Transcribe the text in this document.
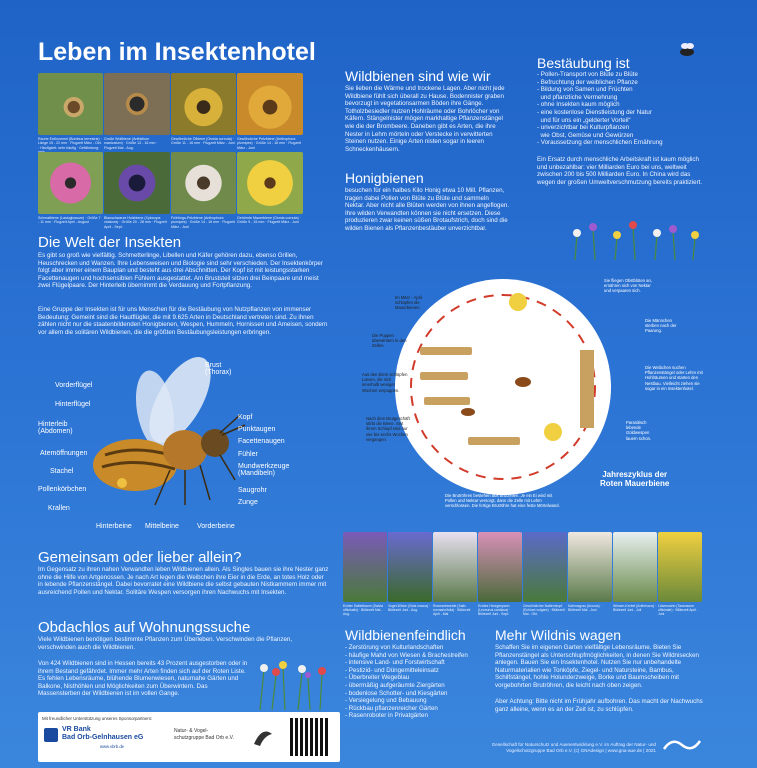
Leben im Insektenhotel
Rauhe Erdhummel (Bombus terrestris) · Länge 15 - 22 mm · Flugzeit März - Okt. · Häufigkeit: sehr häufig · Gefährdung:
Große Wollbiene (Anthidium manicatum) · Größe 13 - 16 mm · Flugzeit Mai - Aug.
Gewöhnliche Ölbiene (Osmia cornuta) · Größe 11 - 16 mm · Flugzeit März - Juni
Gewöhnliche Pelzbiene (Anthophora plumipes) · Größe 14 - 16 mm · Flugzeit März - Juni
Schmalbiene (Lasioglossum) · Größe 7 - 11 mm · Flugzeit April - August
Blauschwarze Holzbiene (Xylocopa violacea) · Größe 20 - 28 mm · Flugzeit April - Sept.
Frühlings-Pelzbiene (Anthophora plumipes) · Größe 14 - 16 mm · Flugzeit März - Juni
Gehörnte Mauerbiene (Osmia cornuta) · Größe 9 - 15 mm · Flugzeit März - Juni
Die Welt der Insekten

Es gibt so groß wie vielfältig. Schmetterlinge, Libellen und Käfer gehören dazu, ebenso Grillen, Heuschrecken und Wanzen. Ihre Lebensweisen und Biologie sind sehr verschieden. Der Insektenkörper folgt aber immer einem Bauplan und besteht aus drei Abschnitten. Der Kopf ist mit leistungsstarken Facettenaugen und hochsensiblen Fühlern ausgestattet. Am Bruststeil sitzen drei Beinpaare und meist zwei Flügelpaare. Der Hinterleib übernimmt die Verdauung und Fortpflanzung.

Eine Gruppe der Insekten ist für uns Menschen für die Bestäubung von Nutzpflanzen von immenser Bedeutung: Gemeint sind die Hautflügler, die mit 9.625 Arten in Deutschland vertreten sind. Zu ihnen zählen nicht nur die staatenbildenden Honigbienen, Wespen, Hummeln, Hornissen und Ameisen, sondern vor allem die solitären Wildbienen, die die größten Bestäubungsleistungen erbringen.

Vorderflügel
Hinterflügel
Hinterleib
(Abdomen)
Atemöffnungen
Stachel
Pollenkörbchen
Krallen
Hinterbeine Mittelbeine	Vorderbeine
Brust
(Thorax)
Kopf
Punktaugen
Facettenaugen
Fühler
Mundwerkzeuge
(Mandibeln)
Saugrohr
Zunge
Gemeinsam oder lieber allein?

Im Gegensatz zu ihren nahen Verwandten leben Wildbienen allein. Als Singles bauen sie ihre Nester ganz ohne die Hilfe von Artgenossen. Je nach Art legen die Weibchen ihre Eier in die Erde, an totes Holz oder in lebende Pflanzenstängel. Dabei bevorratet eine Wildbiene die selbst gebauten Nistkammern immer mit ausreichend Pollen und Nektar. Solitäre Wespen versorgen ihren Nachwuchs mit Insekten.

Obdachlos auf Wohnungssuche

Viele Wildbienen benötigen bestimmte Pflanzen zum Überleben. Verschwinden die Pflanzen, verschwinden auch die Wildbienen.

Von 424 Wildbienen sind in Hessen bereits 43 Prozent ausgestorben oder in ihrem Bestand gefährdet. Immer mehr Arten finden sich auf der Roten Liste. Es fehlen Lebensräume, blühende Blumenwiesen, naturnahe Gärten und Balkone, Nisthöhlen und Möglichkeiten zum Überwintern. Das Massensterben der Wildbienen ist im vollen Gange.

Mit freundlicher Unterstützung unseres Sponsorpartners:
VR Bank
Bad Orb-Gelnhausen eG
www.vbrb.de
Natur- & Vogel-
schutzgruppe Bad Orb e.V.
Wildbienen sind wie wir

Sie lieben die Wärme und trockene Lagen. Aber nicht jede Wildbiene fühlt sich überall zu Hause. Bodennister graben bevorzugt in vegetationsarmen Böden ihre Gänge. Totholzbesiedler nutzen Hohlräume oder Bohrlöcher von Käfern. Stängelnister mögen markhaltige Pflanzenstängel wie die der Brombeere. Daneben gibt es Arten, die ihre Nester in Lehm mörteln oder Verstecke in verwitterten Steinen nutzen. Einige Arten nisten sogar in leeren Schneckenhäusern.

Honigbienen

besuchen für ein halbes Kilo Honig etwa 10 Mill. Pflanzen, tragen dabei Pollen von Blüte zu Blüte und sammeln Nektar. Aber nicht alle Blüten werden von ihnen angeflogen. Ihre wilden Verwandten können sie nicht ersetzen. Diese produzieren zwar keinen süßen Brotaufstrich, doch sind die wilden Bienen als Pflanzenbestäuber unverzichtbar.

Bestäubung ist
- Pollen-Transport von Blüte zu Blüte
- Befruchtung der weiblichen Pflanze
- Bildung von Samen und Früchten
und pflanzliche Vermehrung
- ohne Insekten kaum möglich
- eine kostenlose Dienstleistung der Natur
und für uns ein „gelderter Vorteil“
- unverzichtbar bei Kulturpflanzen
wie Obst, Gemüse und Gewürzen
- Voraussetzung der menschlichen Ernährung

Ein Ersatz durch menschliche Arbeitskraft ist kaum möglich und unbezahlbar: vier Milliarden Euro bei uns, weltweit zwischen 200 bis 500 Milliarden Euro. In China wird das wegen der großen Umweltverschmutzung bereits praktiziert.

Im März - April schlüpfen die Mauerbienen.
Sie fliegen Obstblüten an, ernähren sich von Nektar und verpaaren sich.
Die Männchen sterben nach der Paarung.
Die Weibchen suchen Pflanzenstängel oder Lehm mit Hohlräumen und starten den Nestbau. Vielleicht ziehen sie sogar in ein Insektenhotel.
Parasitisch lebende Goldwespen lauern schon.
Die Brutröhren bestehen aus Brutzellen. Je ein Ei wird mit Pollen und Nektar versorgt, dann die Zelle mit Lehm verschlossen. Die fertige Brutröhre hat eine feste Mörtelwand.
Nach dem Brutgeschäft stirbt die Biene. Seit ihrem Schlupf sind nur vier bis sechs Wochen vergangen.
Aus den Eiern schlüpfen Larven, die sich innerhalb weniger Wochen verpuppen.
Die Puppen überwintern in den Zellen.
Jahreszyklus der
Roten Mauerbiene
Echter Salbeibaum (Salvia officinalis) · Blütezeit Mai - Aug.
Vogel-Wicke (Vicia cracca) · Blütezeit Juni - Aug.
Rosmarinweide (Salix rosmarinifolia) · Blütezeit April - Mai
Echtes Herzgespann (Leonurus cardiaca) · Blütezeit Juni - Sept.
Gewöhnlicher Natternkopf (Echium vulgare) · Blütezeit Mai - Okt.
Kalmusgras (Acorus) · Blütezeit Mai - Juni
Wiesen-Kerbel (Anthriscus) · Blütezeit Juni - Juli
Löwenzahn (Taraxacum officinale) · Blütezeit April - Juni
Wildbienenfeindlich
- Zerstörung von Kulturlandschaften
- häufige Mahd von Wiesen & Brachestreifen
- intensive Land- und Forstwirtschaft
- Pestizid- und Düngemitteleinsatz
- Überbreiter Wegeblau
- übermäßig aufgeräumte Ziergärten
- bodenlose Schotter- und Kiesgärten
- Versiegelung und Bebauung
- Rückbau pflanzenreicher Gärten
- Rasenroboter in Privatgärten
Mehr Wildnis wagen

Schaffen Sie im eigenen Garten vielfältige Lebensräume. Bieten Sie Pflanzenstängel als Unterschlupfmöglichkeiten, in denen Sie Wildnisecken anlegen. Bauen Sie ein Insektenhotel. Nutzen Sie nur unbehandelte Naturmaterialien wie Tonköpfe, Ziegel- und Natursteine, Bambus, Schilfstängel, hohle Holunderzweige, Borke und Baumscheiben mit vorgebohrten Brutröhren, die leicht nach oben zeigen.

Aber Achtung: Bitte nicht im Frühjahr aufbohren. Das macht der Nachwuchs ganz alleine, wenn es an der Zeit ist, zu schlüpfen.

Gesellschaft für Naturschutz und Auenentwicklung e.V. im Auftrag der Natur- und Vogelschutzgruppe Bad Orb e.V. (c) GNAdesign | www.gna-aue.de | 2021
